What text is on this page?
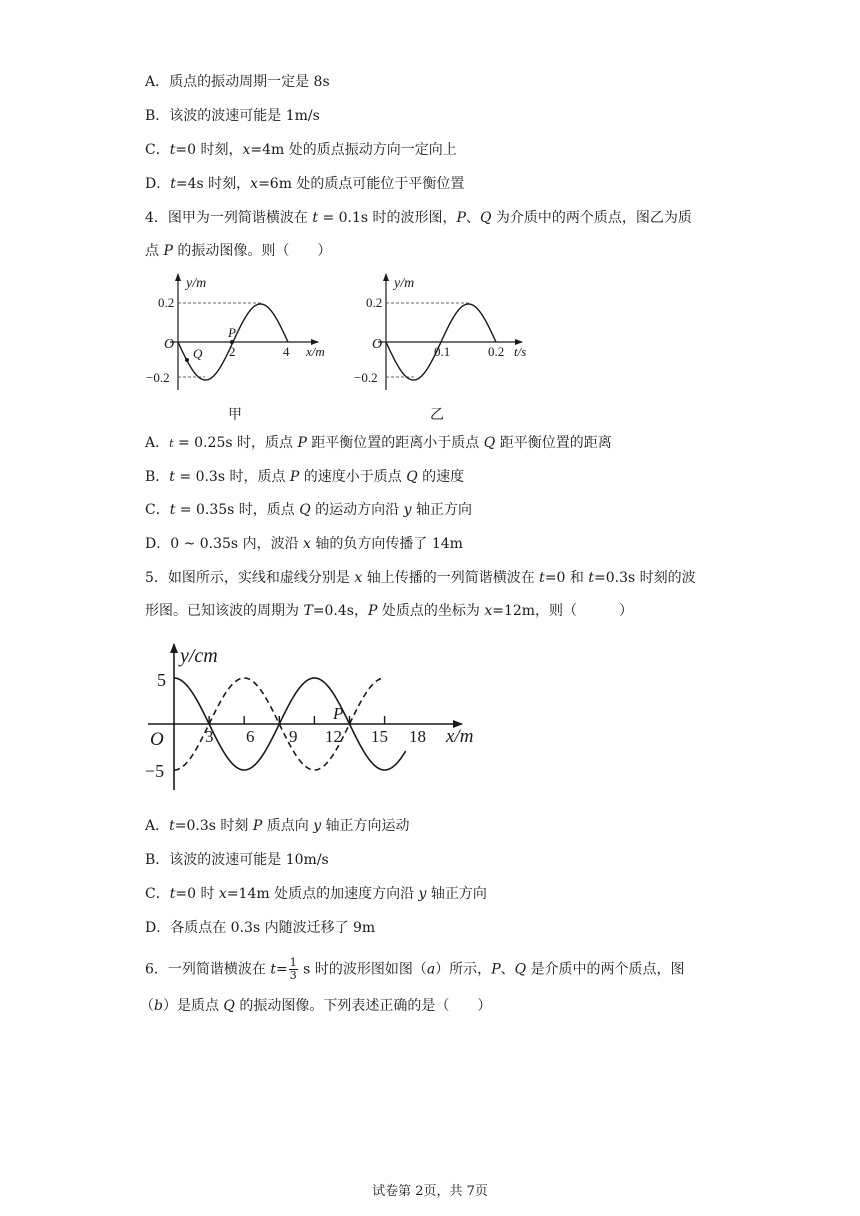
A．质点的振动周期一定是 8s
B．该波的波速可能是 1m/s
C．t=0 时刻，x=4m 处的质点振动方向一定向上
D．t=4s 时刻，x=6m 处的质点可能位于平衡位置
4．图甲为一列简谐横波在 t = 0.1s 时的波形图，P、Q 为介质中的两个质点，图乙为质
点 P 的振动图像。则（　　）
y/m
0.2
−0.2
O
P
Q 2	4 x/m
甲
y/m
0.2
−0.2
O	0.1	0.2 t/s
乙
A．t = 0.25s 时，质点 P 距平衡位置的距离小于质点 Q 距平衡位置的距离
B．t = 0.3s 时，质点 P 的速度小于质点 Q 的速度
C．t = 0.35s 时，质点 Q 的运动方向沿 y 轴正方向
D．0 ~ 0.35s 内，波沿 x 轴的负方向传播了 14m
5．如图所示，实线和虚线分别是 x 轴上传播的一列简谐横波在 t=0 和 t=0.3s 时刻的波
形图。已知该波的周期为 T=0.4s，P 处质点的坐标为 x=12m，则（　　　）
y/cm
5
−5
O 3 6 9 12 15 18
P
x/m
A．t=0.3s 时刻 P 质点向 y 轴正方向运动
B．该波的波速可能是 10m/s
C．t=0 时 x=14m 处质点的加速度方向沿 y 轴正方向
D．各质点在 0.3s 内随波迁移了 9m
6．一列简谐横波在 $t= \frac{1}{3}$ s 时的波形图如图（a）所示，P、Q 是介质中的两个质点，图
（b）是质点 Q 的振动图像。下列表述正确的是（　　）
试卷第 2页，共 7页
